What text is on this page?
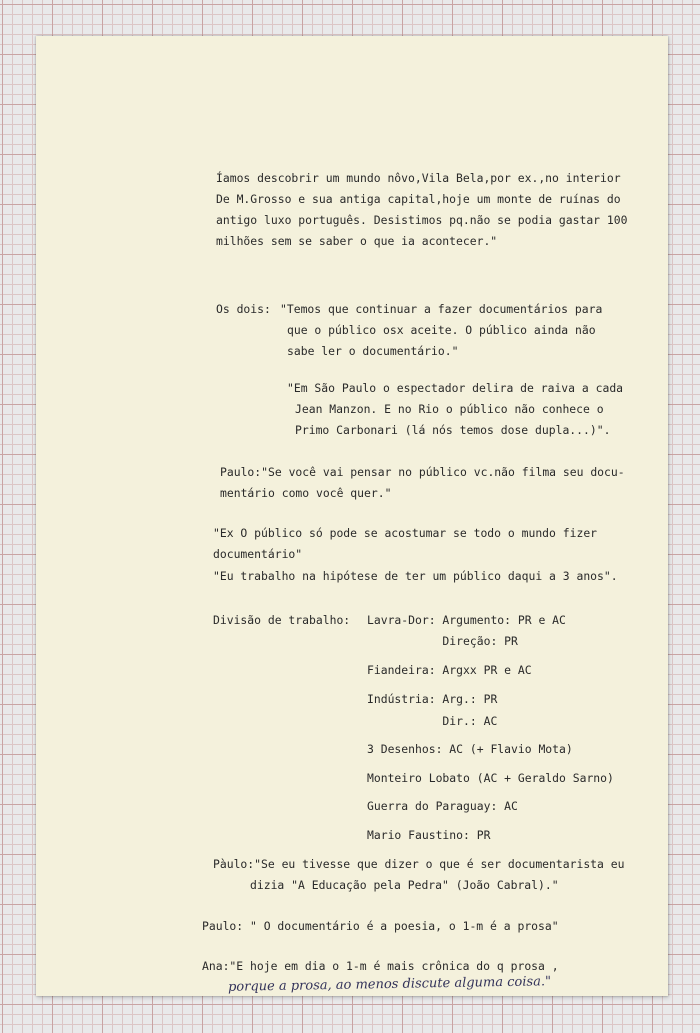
Íamos descobrir um mundo nôvo,Vila Bela,por ex.,no interior
De M.Grosso e sua antiga capital,hoje um monte de ruínas do
antigo luxo português. Desistimos pq.não se podia gastar 100
milhões sem se saber o que ia acontecer."
Os dois: "Temos que continuar a fazer documentários para
que o público osx aceite. O público ainda não
sabe ler o documentário."
"Em São Paulo o espectador delira de raiva a cada
Jean Manzon. E no Rio o público não conhece o
Primo Carbonari (lá nós temos dose dupla...)".
Paulo:"Se você vai pensar no público vc.não filma seu docu-
mentário como você quer."
"Ex O público só pode se acostumar se todo o mundo fizer
documentário"
"Eu trabalho na hipótese de ter um público daqui a 3 anos".
Divisão de trabalho: Lavra-Dor: Argumento: PR e AC
Direção: PR
Fiandeira: Argxx PR e AC
Indústria: Arg.: PR
Dir.: AC
3 Desenhos: AC (+ Flavio Mota)
Monteiro Lobato (AC + Geraldo Sarno)
Guerra do Paraguay: AC
Mario Faustino: PR
Pàulo:"Se eu tivesse que dizer o que é ser documentarista eu
dizia "A Educação pela Pedra" (João Cabral)."
Paulo: " O documentário é a poesia, o 1-m é a prosa"
Ana:"E hoje em dia o 1-m é mais crônica do q prosa ,
porque a prosa, ao menos discute alguma coisa."
